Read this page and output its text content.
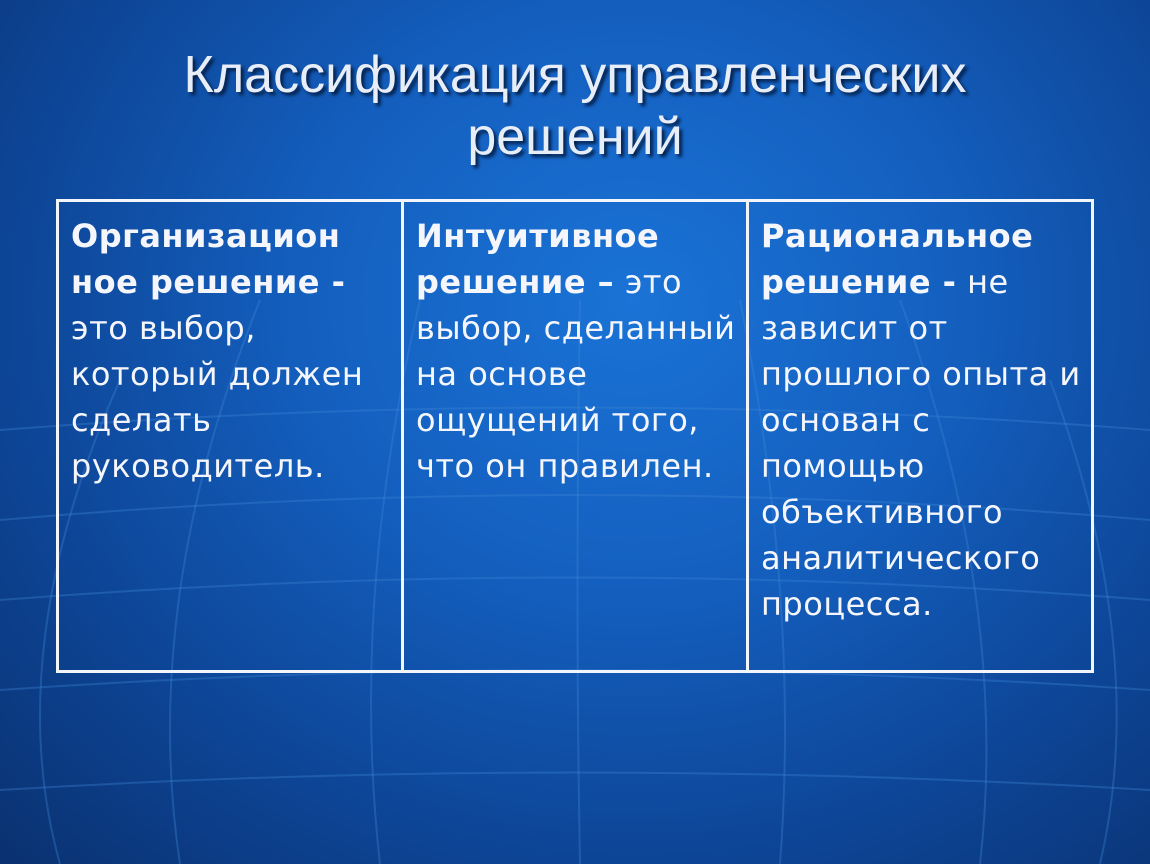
Классификация управленческих
решений
Организацион ное решение - это выбор, который должен сделать руководитель.	Интуитивное решение – это выбор, сделанный на основе ощущений того, что он правилен.	Рациональное решение - не зависит от прошлого опыта и основан с помощью объективного аналитического процесса.
